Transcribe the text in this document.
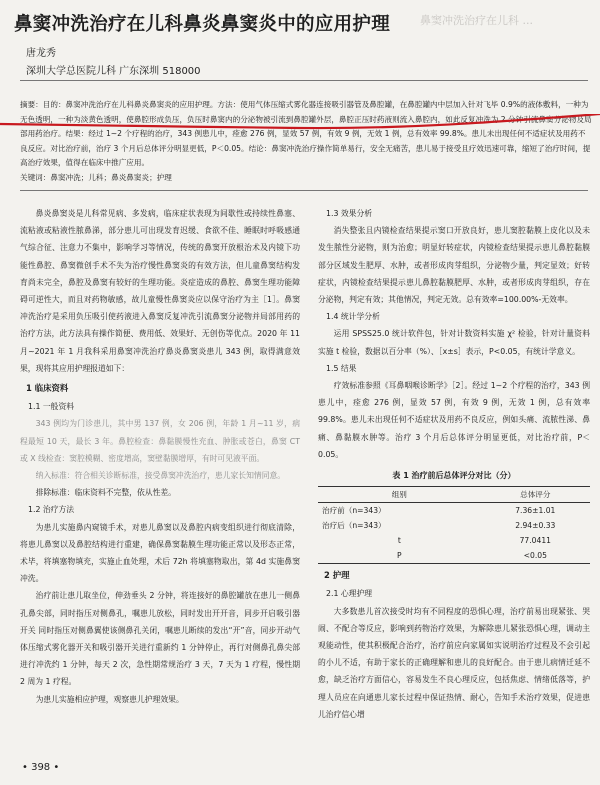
鼻窦冲洗治疗在儿科鼻炎鼻窦炎中的应用护理	鼻窦冲洗治疗在儿科 ...
唐龙秀
深圳大学总医院儿科 广东深圳 518000

摘要：目的：鼻窦冲洗治疗在儿科鼻炎鼻窦炎的应用护理。方法：使用气体压缩式雾化器连接吸引器管及鼻腔罐，在鼻腔罐内中层加入针对飞毕 0.9%的液体敷料，一种为无色透明，一种为淡黄色透明，使鼻腔形成负压，负压时鼻窦内的分泌物被引流到鼻腔罐外层，鼻腔正压时药液则流入鼻腔内，如此反复冲洗为 2 分钟引流鼻窦分泌物及局部用药治疗。结果：经过 1~2 个疗程的治疗，343 例患儿中，痊愈 276 例，显效 57 例，有效 9 例，无效 1 例，总有效率 99.8%。患儿未出现任何不适症状及用药不良反应。对比治疗前，治疗 3 个月后总体评分明显更低，P＜0.05。结论：鼻窦冲洗治疗操作简单易行，安全无痛苦，患儿易于接受且疗效迅速可靠，缩短了治疗时间，提高治疗效果，值得在临床中推广应用。

关键词：鼻窦冲洗；儿科；鼻炎鼻窦炎；护理

鼻炎鼻窦炎是儿科常见病、多发病，临床症状表现为间歇性或持续性鼻塞、流粘液或粘液性脓鼻涕，部分患儿可出现发育迟缓、食欲不佳、睡眠时呼吸感通气综合征、注意力不集中，影响学习等情况，传统的鼻窦开放根治术及内镜下功能性鼻腔、鼻窦微创手术不失为治疗慢性鼻窦炎的有效方法，但儿童鼻窦结构发育尚未完全，鼻腔及鼻窦有较好的生理功能。炎症造成的鼻腔、鼻窦生理功能障碍可逆性大，而且对药物敏感，故儿童慢性鼻窦炎应以保守治疗为主［1］。鼻窦冲洗治疗是采用负压吸引使药液进入鼻窦反复冲洗引流鼻窦分泌物并局部用药的治疗方法，此方法具有操作简便、费用低、效果好、无创伤等优点。2020 年 11 月~2021 年 1 月我科采用鼻窦冲洗治疗鼻炎鼻窦炎患儿 343 例，取得满意效果，现将其应用护理报道如下：

1 临床资料
1.1 一般资料

343 例均为门诊患儿，其中男 137 例，女 206 例，年龄 1 月~11 岁，病程最短 10 天，最长 3 年。鼻腔检查：鼻黏膜慢性充血、肿胀或苍白，鼻窦 CT 或 X 线检查：窦腔模糊、密度增高，窦壁黏膜增厚，有时可见液平面。

纳入标准：符合相关诊断标准，接受鼻窦冲洗治疗，患儿家长知情同意。

排除标准：临床资料不完整，依从性差。

1.2 治疗方法

为患儿实施鼻内窥镜手术，对患儿鼻窦以及鼻腔内病变组织进行彻底清除，将患儿鼻窦以及鼻腔结构进行重建，确保鼻窦黏膜生理功能正常以及形态正常，术毕，将填塞物填充，实施止血处理，术后 72h 将填塞物取出，第 4d 实施鼻窦冲洗。

治疗前让患儿取坐位，伸劲垂头 2 分钟，将连接好的鼻腔罐放在患儿一侧鼻孔鼻尖部，同时指压对侧鼻孔，嘱患儿放松，同时发出开开音，同步开启吸引器开关 同时指压对侧鼻翼使该侧鼻孔关闭，嘱患儿断续的发出“开”音，同步开动气体压缩式雾化器开关和吸引器开关进行重新约 1 分钟停止，再行对侧鼻孔鼻尖部进行冲洗约 1 分钟，每天 2 次，急性期常规治疗 3 天，7 天为 1 疗程，慢性期 2 周为 1 疗程。

为患儿实施相应护理，观察患儿护理效果。

1.3 效果分析

消失整张且内镜检查结果提示窦口开放良好，患儿窦腔黏膜上皮化以及未发生脓性分泌物，则为治愈；明显好转症状，内镜检查结果提示患儿鼻腔黏膜部分区域发生肥厚、水肿，或者形成肉芽组织，分泌物少量，判定显效；好转症状，内镜检查结果提示患儿鼻腔黏膜肥厚、水肿，或者形成肉芽组织，存在分泌物，判定有效；其他情况，判定无效。总有效率=100.00%-无效率。

1.4 统计学分析

运用 SPSS25.0 统计软件包，针对计数资料实施 χ² 检验，针对计量资料实施 t 检验，数据以百分率（%）、［x±s］表示，P<0.05，有统计学意义。

1.5 结果

疗效标准参照《耳鼻咽喉诊断学》［2］。经过 1~2 个疗程的治疗，343 例患儿中，痊愈 276 例，显效 57 例，有效 9 例，无效 1 例，总有效率 99.8%。患儿未出现任何不适症状及用药不良反应，例如头痛、流脓性涕、鼻痛、鼻黏膜水肿等。治疗 3 个月后总体评分明显更低，对比治疗前，P＜0.05。

表 1 治疗前后总体评分对比（分）
组别	总体评分
治疗前（n=343）	7.36±1.01
治疗后（n=343）	2.94±0.33
t	77.0411
P	<0.05
2 护理
2.1 心理护理

大多数患儿首次接受时均有不同程度的恐惧心理，治疗前易出现紧张、哭闹、不配合等反应，影响到药物治疗效果，为解除患儿紧张恐惧心理，调动主观能动性，使其积极配合治疗，治疗前应向家属如实说明治疗过程及不会引起的小儿不适，有助于家长的正确理解和患儿的良好配合。由于患儿病情迁延不愈，缺乏治疗方面信心，容易发生不良心理反应，包括焦虑、情绪低落等，护理人员应在向通患儿家长过程中保证热情、耐心，告知手术治疗效果，促进患儿治疗信心增

• 398 •
